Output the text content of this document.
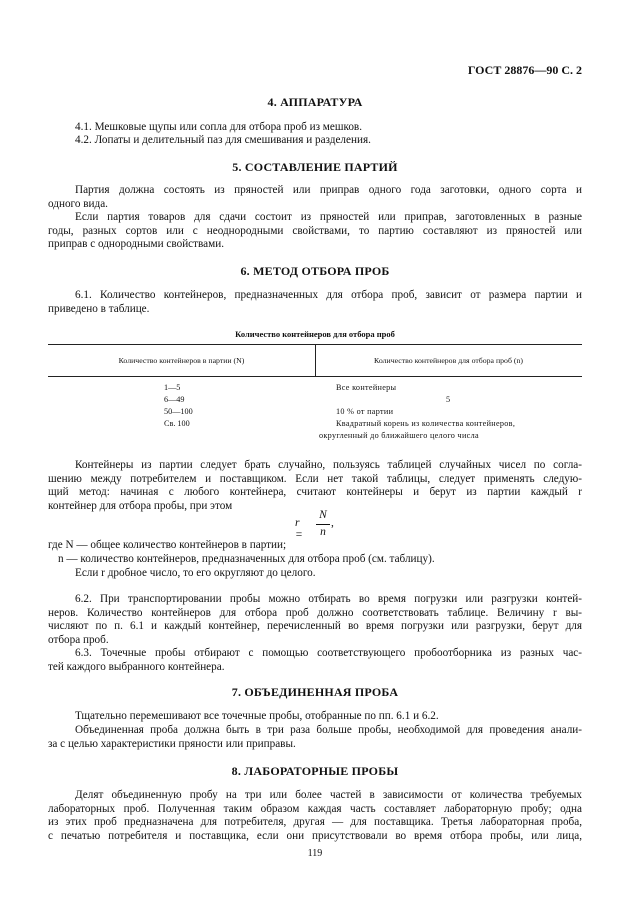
ГОСТ 28876—90 С. 2
4. АППАРАТУРА
4.1. Мешковые щупы или сопла для отбора проб из мешков.
4.2. Лопаты и делительный паз для смешивания и разделения.
5. СОСТАВЛЕНИЕ ПАРТИЙ
Партия должна состоять из пряностей или приправ одного года заготовки, одного сорта и
одного вида.
Если партия товаров для сдачи состоит из пряностей или приправ, заготовленных в разные
годы, разных сортов или с неоднородными свойствами, то партию составляют из пряностей или
приправ с однородными свойствами.
6. МЕТОД ОТБОРА ПРОБ
6.1. Количество контейнеров, предназначенных для отбора проб, зависит от размера партии и
приведено в таблице.
Количество контейнеров для отбора проб
Количество контейнеров в партии (N)	Количество контейнеров для отбора проб (n)
1—5
6—49
50—100
Св. 100
Все контейнеры
5
10 % от партии
Квадратный корень из количества контейнеров,
округленный до ближайшего целого числа
Контейнеры из партии следует брать случайно, пользуясь таблицей случайных чисел по согла-
шению между потребителем и поставщиком. Если нет такой таблицы, следует применять следую-
щий метод: начиная с любого контейнера, считают контейнеры и берут из партии каждый r
контейнер для отбора пробы, при этом
r =
N
n
,
где N — общее количество контейнеров в партии;
n — количество контейнеров, предназначенных для отбора проб (см. таблицу).
Если r дробное число, то его округляют до целого.
6.2. При транспортировании пробы можно отбирать во время погрузки или разгрузки контей-
неров. Количество контейнеров для отбора проб должно соответствовать таблице. Величину r вы-
числяют по п. 6.1 и каждый контейнер, перечисленный во время погрузки или разгрузки, берут для
отбора проб.
6.3. Точечные пробы отбирают с помощью соответствующего пробоотборника из разных час-
тей каждого выбранного контейнера.
7. ОБЪЕДИНЕННАЯ ПРОБА
Тщательно перемешивают все точечные пробы, отобранные по пп. 6.1 и 6.2.
Объединенная проба должна быть в три раза больше пробы, необходимой для проведения анали-
за с целью характеристики пряности или приправы.
8. ЛАБОРАТОРНЫЕ ПРОБЫ
Делят объединенную пробу на три или более частей в зависимости от количества требуемых
лабораторных проб. Полученная таким образом каждая часть составляет лабораторную пробу; одна
из этих проб предназначена для потребителя, другая — для поставщика. Третья лабораторная проба,
с печатью потребителя и поставщика, если они присутствовали во время отбора пробы, или лица,
119
